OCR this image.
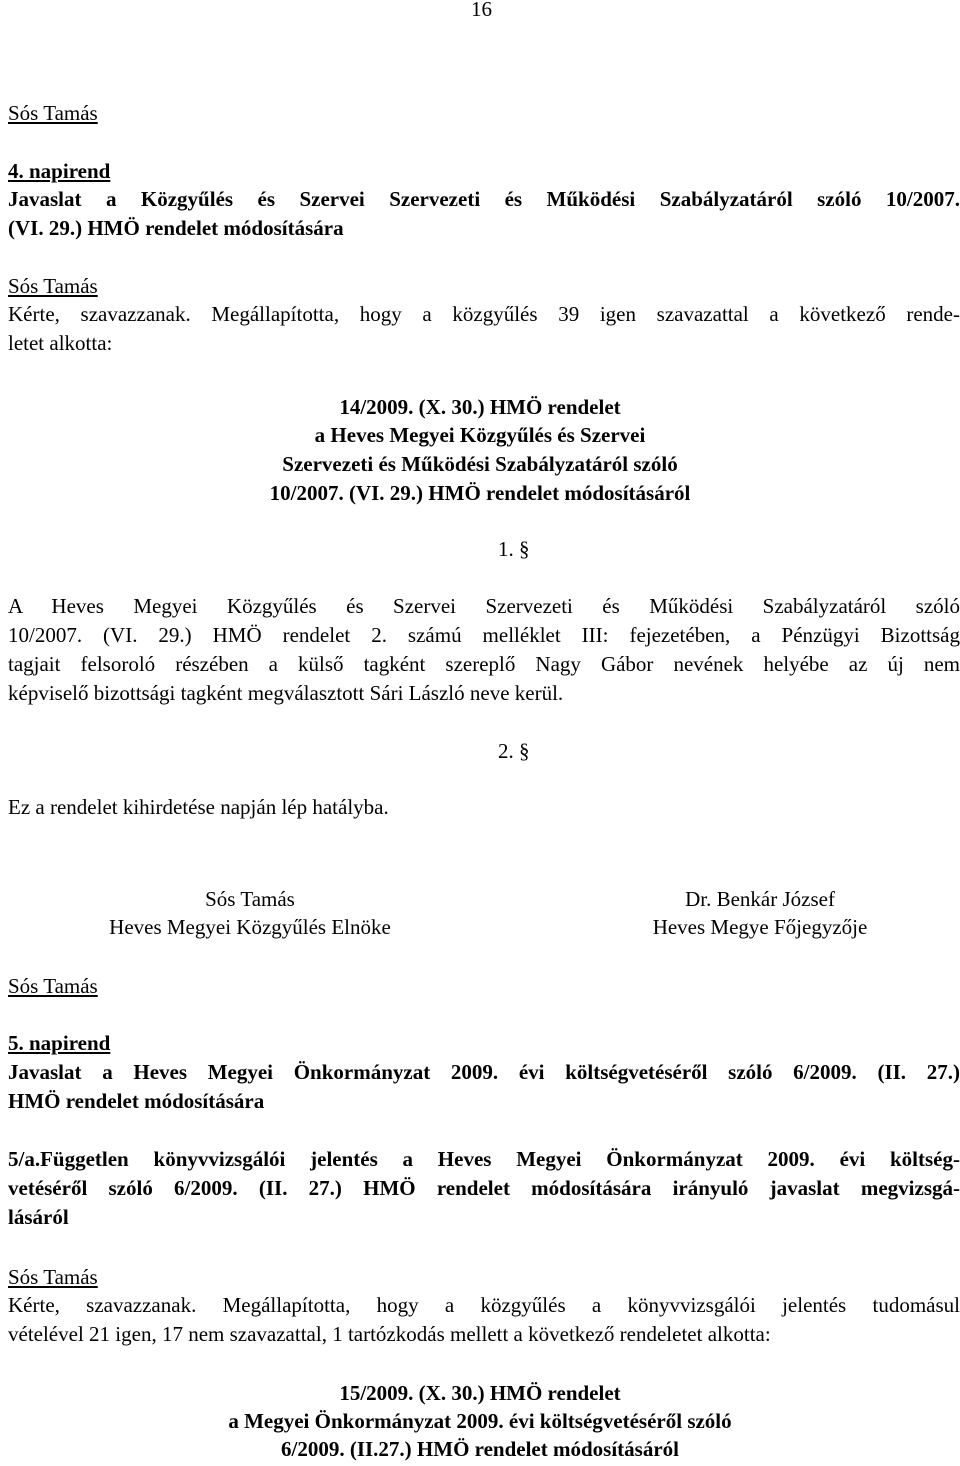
16
Sós Tamás
4. napirend
Javaslat a Közgyűlés és Szervei Szervezeti és Működési Szabályzatáról szóló 10/2007.
(VI. 29.) HMÖ rendelet módosítására
Sós Tamás
Kérte, szavazzanak. Megállapította, hogy a közgyűlés 39 igen szavazattal a következő rende-
letet alkotta:
14/2009. (X. 30.) HMÖ rendelet
a Heves Megyei Közgyűlés és Szervei
Szervezeti és Működési Szabályzatáról szóló
10/2007. (VI. 29.) HMÖ rendelet módosításáról
1. §
A Heves Megyei Közgyűlés és Szervei Szervezeti és Működési Szabályzatáról szóló
10/2007. (VI. 29.) HMÖ rendelet 2. számú melléklet III: fejezetében, a Pénzügyi Bizottság
tagjait felsoroló részében a külső tagként szereplő Nagy Gábor nevének helyébe az új nem
képviselő bizottsági tagként megválasztott Sári László neve kerül.
2. §
Ez a rendelet kihirdetése napján lép hatályba.
Sós Tamás
Heves Megyei Közgyűlés Elnöke
Dr. Benkár József
Heves Megye Főjegyzője
Sós Tamás
5. napirend
Javaslat a Heves Megyei Önkormányzat 2009. évi költségvetéséről szóló 6/2009. (II. 27.)
HMÖ rendelet módosítására
5/a.Független könyvvizsgálói jelentés a Heves Megyei Önkormányzat 2009. évi költség-
vetéséről szóló 6/2009. (II. 27.) HMÖ rendelet módosítására irányuló javaslat megvizsgá-
lásáról
Sós Tamás
Kérte, szavazzanak. Megállapította, hogy a közgyűlés a könyvvizsgálói jelentés tudomásul
vételével 21 igen, 17 nem szavazattal, 1 tartózkodás mellett a következő rendeletet alkotta:
15/2009. (X. 30.) HMÖ rendelet
a Megyei Önkormányzat 2009. évi költségvetéséről szóló
6/2009. (II.27.) HMÖ rendelet módosításáról
